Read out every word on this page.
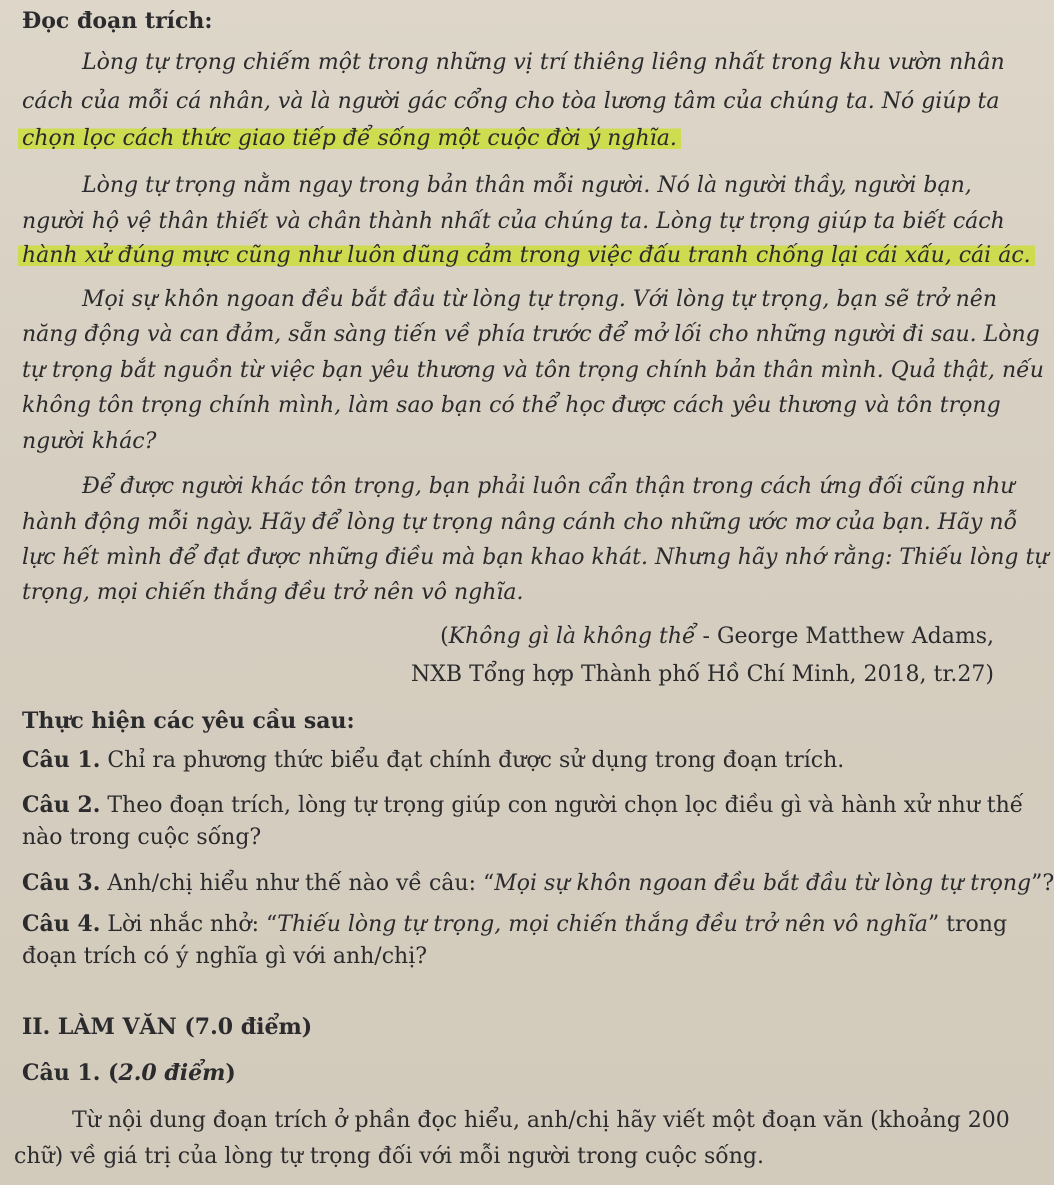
Đọc đoạn trích:
Lòng tự trọng chiếm một trong những vị trí thiêng liêng nhất trong khu vườn nhân
cách của mỗi cá nhân, và là người gác cổng cho tòa lương tâm của chúng ta. Nó giúp ta
chọn lọc cách thức giao tiếp để sống một cuộc đời ý nghĩa.
Lòng tự trọng nằm ngay trong bản thân mỗi người. Nó là người thầy, người bạn,
người hộ vệ thân thiết và chân thành nhất của chúng ta. Lòng tự trọng giúp ta biết cách
hành xử đúng mực cũng như luôn dũng cảm trong việc đấu tranh chống lại cái xấu, cái ác.
Mọi sự khôn ngoan đều bắt đầu từ lòng tự trọng. Với lòng tự trọng, bạn sẽ trở nên
năng động và can đảm, sẵn sàng tiến về phía trước để mở lối cho những người đi sau. Lòng
tự trọng bắt nguồn từ việc bạn yêu thương và tôn trọng chính bản thân mình. Quả thật, nếu
không tôn trọng chính mình, làm sao bạn có thể học được cách yêu thương và tôn trọng
người khác?
Để được người khác tôn trọng, bạn phải luôn cẩn thận trong cách ứng đối cũng như
hành động mỗi ngày. Hãy để lòng tự trọng nâng cánh cho những ước mơ của bạn. Hãy nỗ
lực hết mình để đạt được những điều mà bạn khao khát. Nhưng hãy nhớ rằng: Thiếu lòng tự
trọng, mọi chiến thắng đều trở nên vô nghĩa.
(Không gì là không thể - George Matthew Adams,
NXB Tổng hợp Thành phố Hồ Chí Minh, 2018, tr.27)
Thực hiện các yêu cầu sau:
Câu 1. Chỉ ra phương thức biểu đạt chính được sử dụng trong đoạn trích.
Câu 2. Theo đoạn trích, lòng tự trọng giúp con người chọn lọc điều gì và hành xử như thế
nào trong cuộc sống?
Câu 3. Anh/chị hiểu như thế nào về câu: “Mọi sự khôn ngoan đều bắt đầu từ lòng tự trọng”?
Câu 4. Lời nhắc nhở: “Thiếu lòng tự trọng, mọi chiến thắng đều trở nên vô nghĩa” trong
đoạn trích có ý nghĩa gì với anh/chị?
II. LÀM VĂN (7.0 điểm)
Câu 1. (2.0 điểm)
Từ nội dung đoạn trích ở phần đọc hiểu, anh/chị hãy viết một đoạn văn (khoảng 200
chữ) về giá trị của lòng tự trọng đối với mỗi người trong cuộc sống.
